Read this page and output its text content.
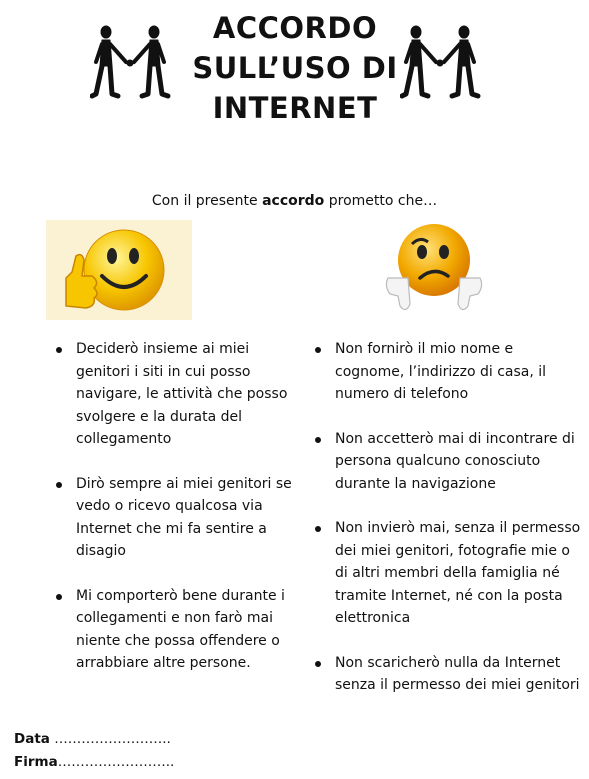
ACCORDO
SULL’USO DI
INTERNET
Con il presente accordo prometto che…
Deciderò insieme ai miei genitori i siti in cui posso navigare, le attività che posso svolgere e la durata del collegamento
Dirò sempre ai miei genitori se vedo o ricevo qualcosa via Internet che mi fa sentire a disagio
Mi comporterò bene durante i collegamenti e non farò mai niente che possa offendere o arrabbiare altre persone.
Non fornirò il mio nome e cognome, l’indirizzo di casa, il numero di telefono
Non accetterò mai di incontrare di persona qualcuno conosciuto durante la navigazione
Non invierò mai, senza il permesso dei miei genitori, fotografie mie o di altri membri della famiglia né tramite Internet, né con la posta elettronica
Non scaricherò nulla da Internet senza il permesso dei miei genitori
Data ……………………..
Firma……………………..
